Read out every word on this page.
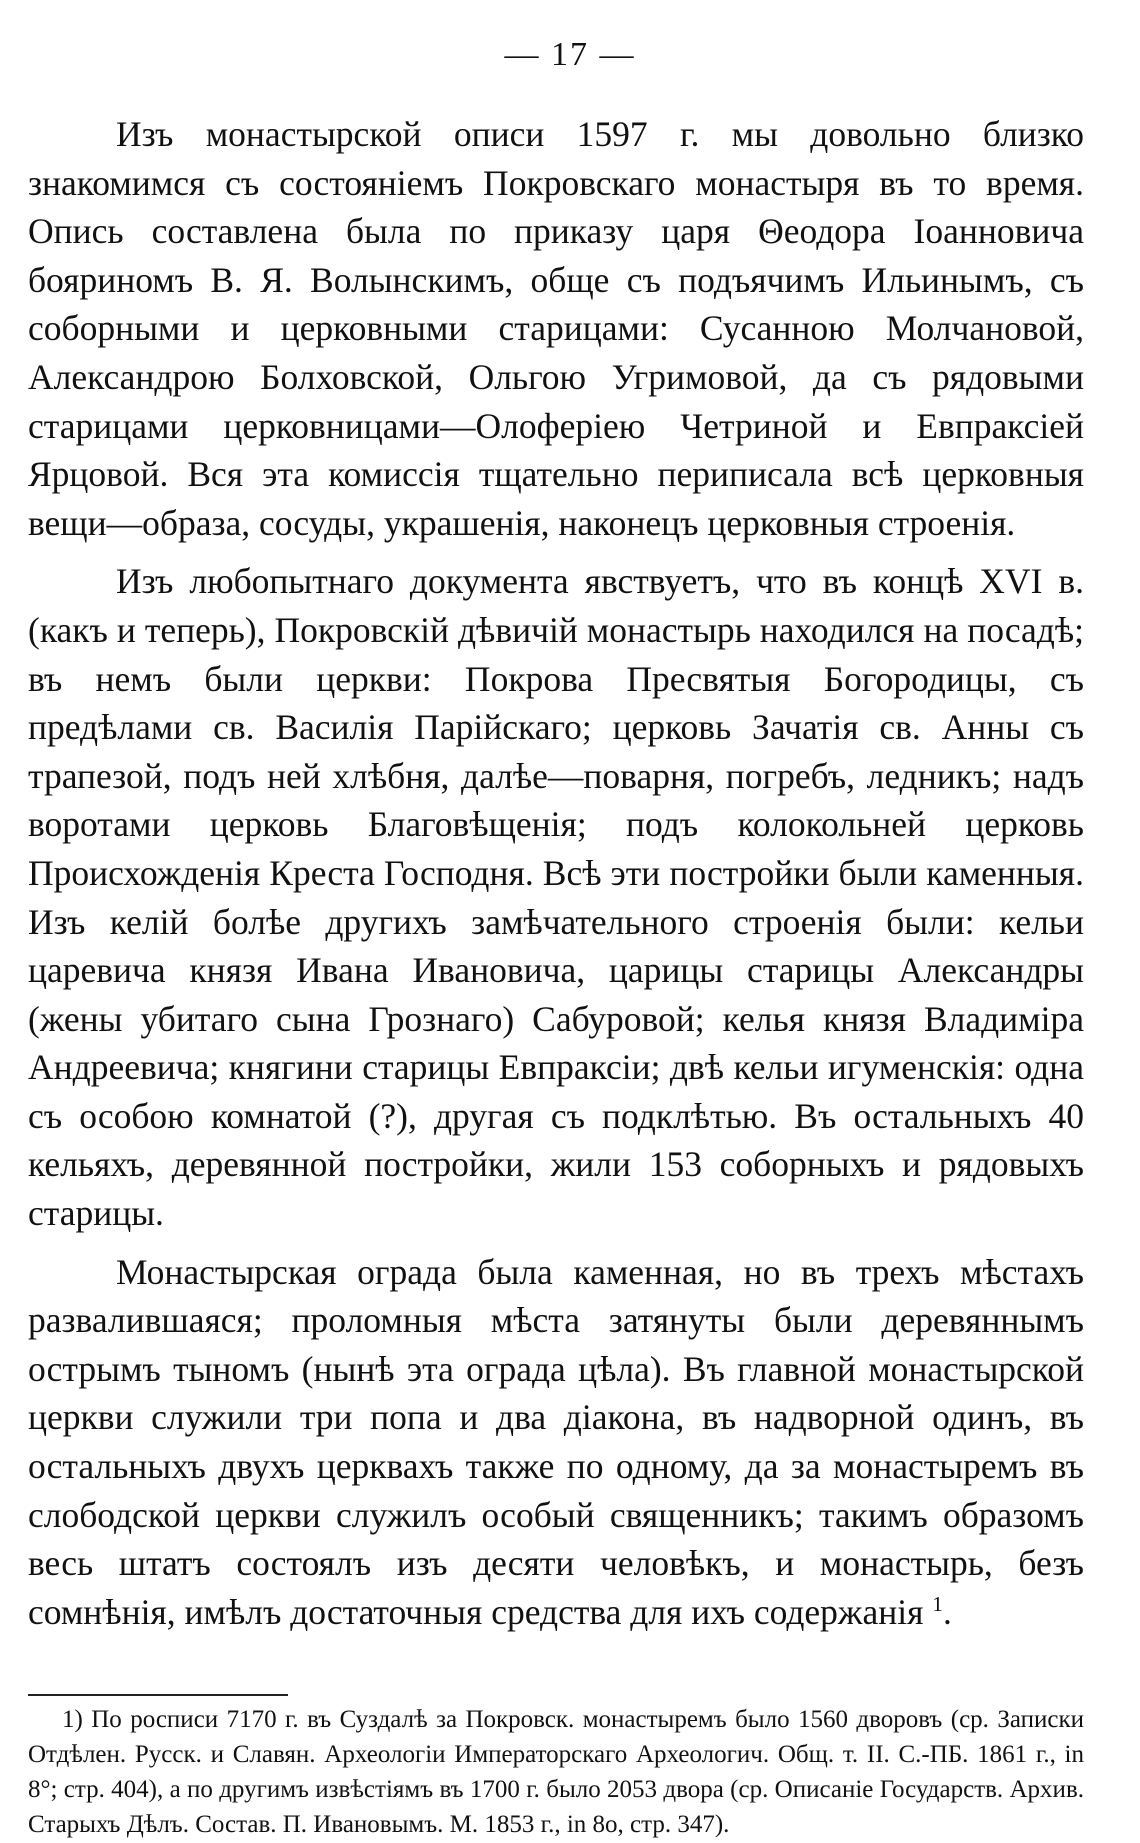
— 17 —

Изъ монастырской описи 1597 г. мы довольно близко знакомимся съ состояніемъ Покровскаго монастыря въ то время. Опись составлена была по приказу царя Θеодора Іоанновича бояриномъ В. Я. Волынскимъ, обще съ подъячимъ Ильинымъ, съ соборными и церковными старицами: Сусанною Молчановой, Александрою Болховской, Ольгою Угримовой, да съ рядовыми старицами церковницами—Олоферіею Четриной и Евпраксіей Ярцовой. Вся эта комиссія тщательно периписала всѣ церковныя вещи—образа, сосуды, украшенія, наконецъ церковныя строенія.

Изъ любопытнаго документа явствуетъ, что въ концѣ XVI в. (какъ и теперь), Покровскій дѣвичій монастырь находился на посадѣ; въ немъ были церкви: Покрова Пресвятыя Богородицы, съ предѣлами св. Василія Парійскаго; церковь Зачатія св. Анны съ трапезой, подъ ней хлѣбня, далѣе—поварня, погребъ, ледникъ; надъ воротами церковь Благовѣщенія; подъ колокольней церковь Происхожденія Креста Господня. Всѣ эти постройки были каменныя. Изъ келій болѣе другихъ замѣчательного строенія были: кельи царевича князя Ивана Ивановича, царицы старицы Александры (жены убитаго сына Грознаго) Сабуровой; келья князя Владиміра Андреевича; княгини старицы Евпраксіи; двѣ кельи игуменскія: одна съ особою комнатой (?), другая съ подклѣтью. Въ остальныхъ 40 кельяхъ, деревянной постройки, жили 153 соборныхъ и рядовыхъ старицы.

Монастырская ограда была каменная, но въ трехъ мѣстахъ развалившаяся; проломныя мѣста затянуты были деревяннымъ острымъ тыномъ (нынѣ эта ограда цѣла). Въ главной монастырской церкви служили три попа и два діакона, въ надворной одинъ, въ остальныхъ двухъ церквахъ также по одному, да за монастыремъ въ слободской церкви служилъ особый священникъ; такимъ образомъ весь штатъ состоялъ изъ десяти человѣкъ, и монастырь, безъ сомнѣнія, имѣлъ достаточныя средства для ихъ содержанія $^1$.

1) По росписи 7170 г. въ Суздалѣ за Покровск. монастыремъ было 1560 дворовъ (ср. Записки Отдѣлен. Русск. и Славян. Археологіи Императорскаго Археологич. Общ. т. II. С.-ПБ. 1861 г., in 8°; стр. 404), а по другимъ извѣстіямъ въ 1700 г. было 2053 двора (ср. Описаніе Государств. Архив. Старыхъ Дѣлъ. Состав. П. Ивановымъ. М. 1853 г., in 8o, стр. 347).
